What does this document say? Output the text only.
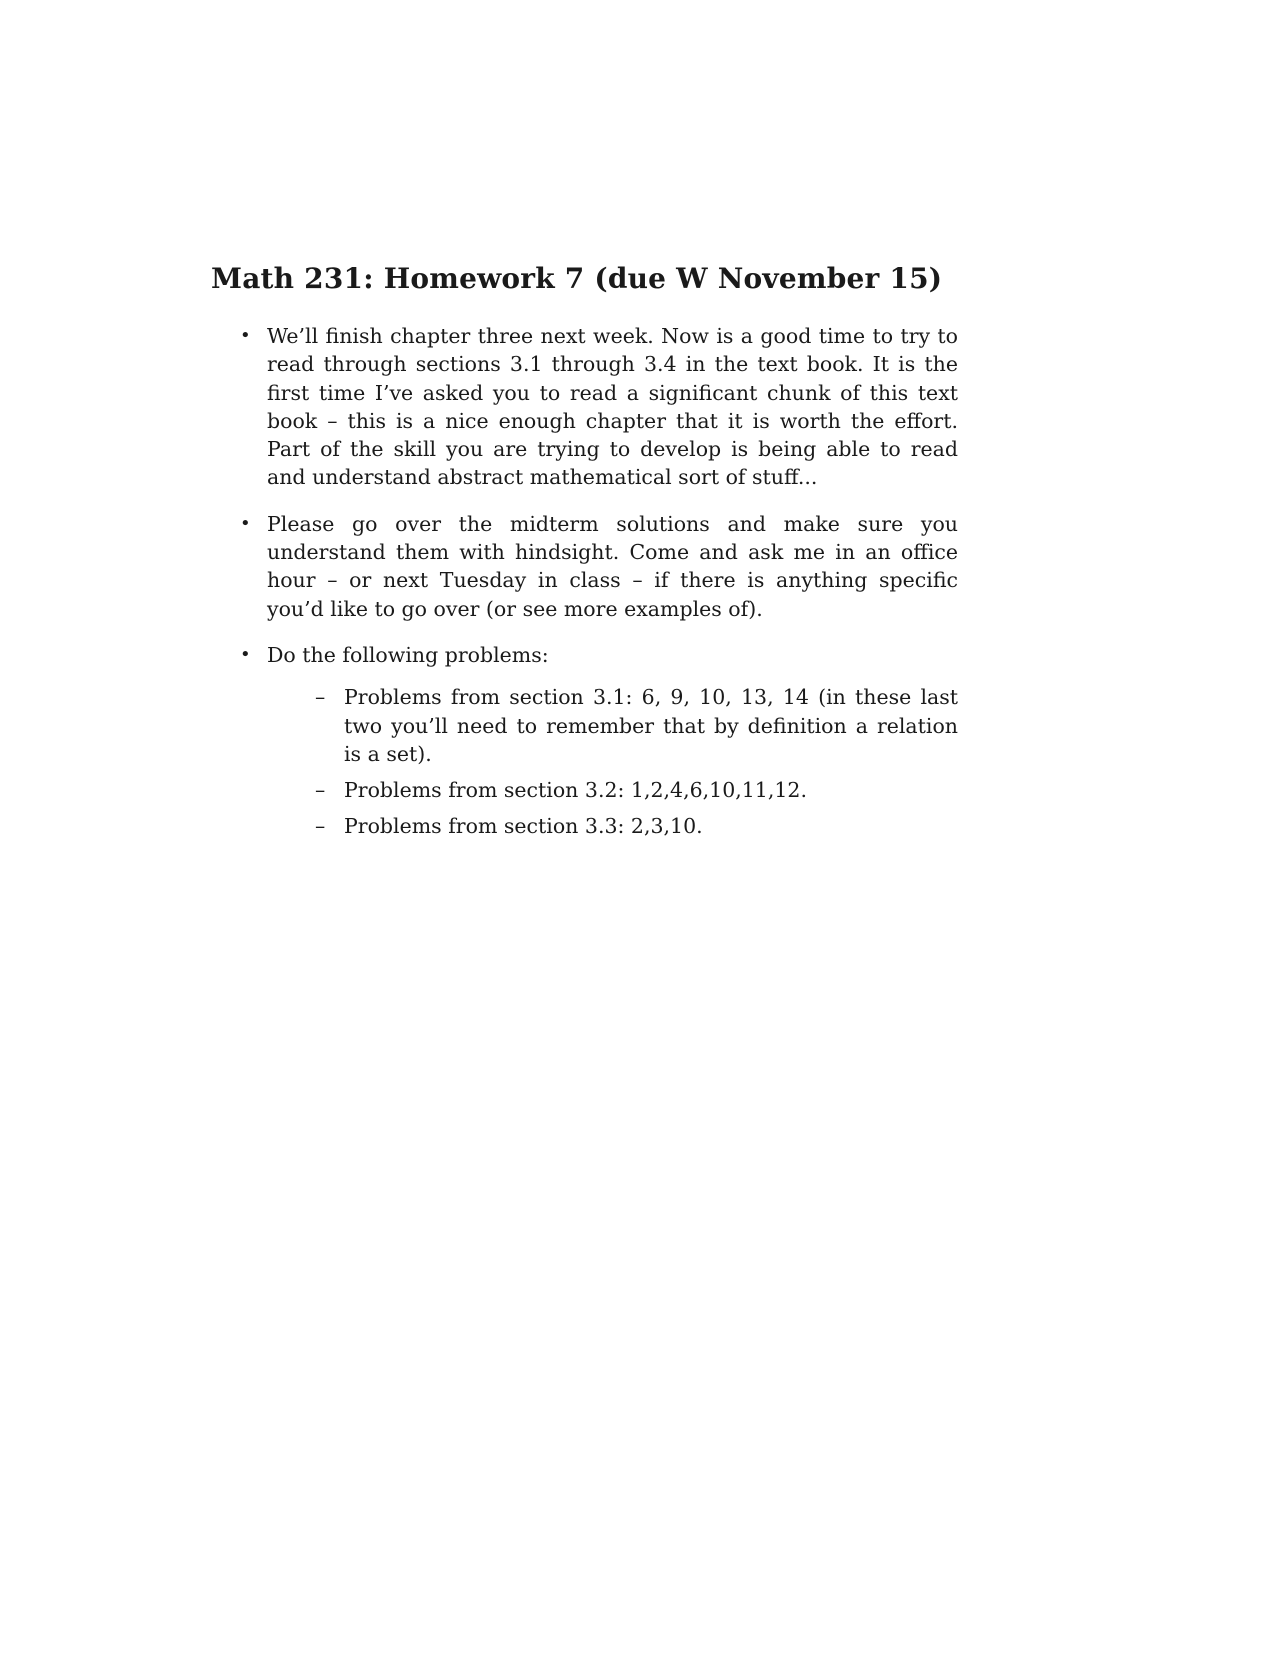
Math 231: Homework 7 (due W November 15)
• We’ll finish chapter three next week. Now is a good time to try to read through sections 3.1 through 3.4 in the text book. It is the first time I’ve asked you to read a significant chunk of this text book – this is a nice enough chapter that it is worth the effort. Part of the skill you are trying to develop is being able to read and understand abstract mathematical sort of stuff...
• Please go over the midterm solutions and make sure you understand them with hindsight. Come and ask me in an office hour – or next Tuesday in class – if there is anything specific you’d like to go over (or see more examples of).
• Do the following problems:
– Problems from section 3.1: 6, 9, 10, 13, 14 (in these last two you’ll need to remember that by definition a relation is a set).
– Problems from section 3.2: 1,2,4,6,10,11,12.
– Problems from section 3.3: 2,3,10.
